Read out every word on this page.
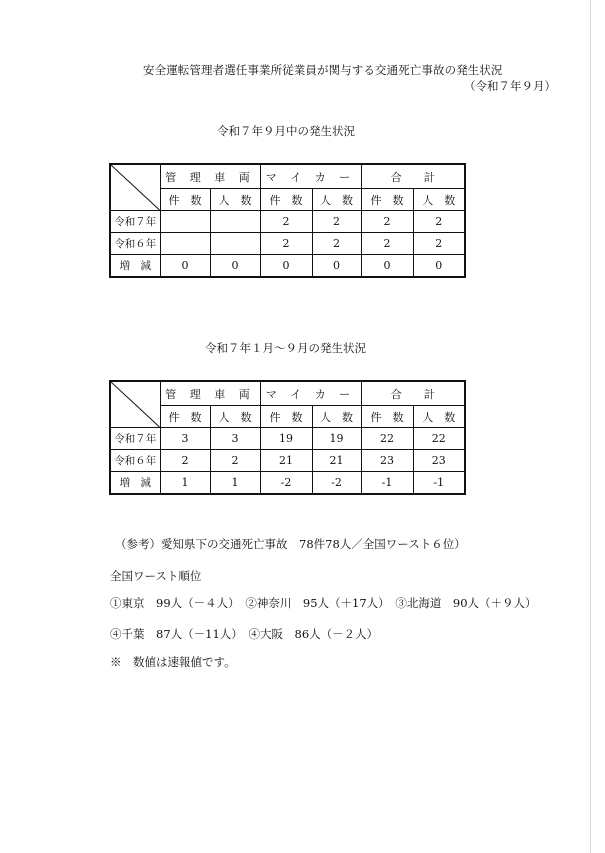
安全運転管理者選任事業所従業員が関与する交通死亡事故の発生状況
（令和７年９月）
令和７年９月中の発生状況
	管 理 車 両		マ イ カ ー		合　　計	
	件　数	人　数	件　数	人　数	件　数	人　数
令和７年			2	2	2	2
令和６年			2	2	2	2
増　減	0	0	0	0	0	0
令和７年１月～９月の発生状況
	管 理 車 両		マ イ カ ー		合　　計	
	件　数	人　数	件　数	人　数	件　数	人　数
令和７年	3	3	19	19	22	22
令和６年	2	2	21	21	23	23
増　減	1	1	-2	-2	-1	-1
（参考）愛知県下の交通死亡事故　78件78人／全国ワースト６位）
全国ワースト順位
①東京　99人（－４人）　②神奈川　95人（＋17人）　③北海道　90人（＋９人）
④千葉　87人（－11人）　④大阪　86人（－２人）
※　数値は速報値です。
